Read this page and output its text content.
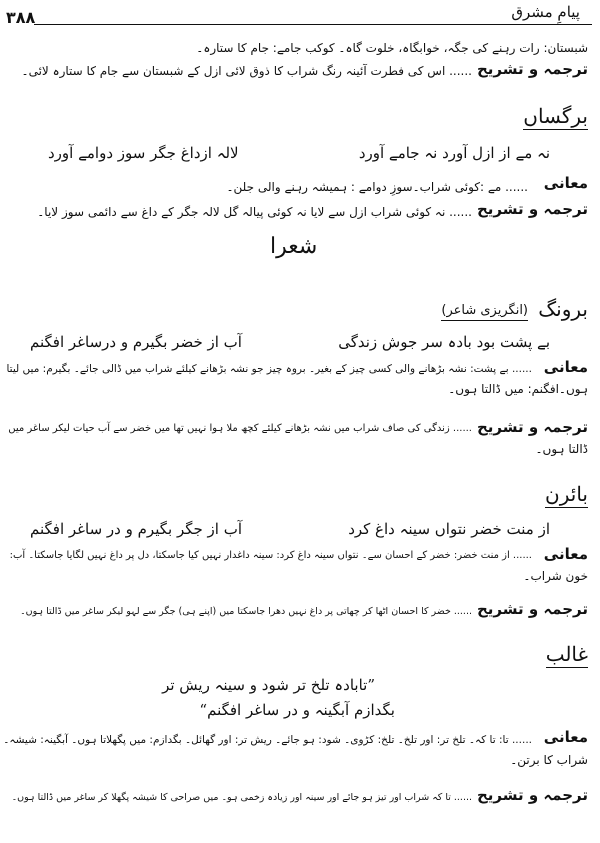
پیامِ مشرق
۳۸۸
شبستان: رات رہنے کی جگہ، خوابگاہ، خلوت گاہ۔ کوکب جامے: جام کا ستارہ۔
ترجمہ و تشریح
...... اس کی فطرت آئینہ رنگ شراب کا ذوق لائی ازل کے شبستان سے جام کا ستارہ لائی۔
برگساں
نہ مے از ازل آورد نہ جامے آورد
لالہ ازداغ جگر سوز دوامے آورد
معانی
...... مے :کوئی شراب۔سوزِ دوامے : ہمیشہ رہنے والی جلن۔
ترجمہ و تشریح
...... نہ کوئی شراب ازل سے لایا نہ کوئی پیالہ گل لالہ جگر کے داغ سے دائمی سوز لایا۔
شعرا
برونگ
(انگریزی شاعر)
بے پشت بود بادہ سر جوش زندگی
آب از خضر بگیرم و درساغر افگنم
معانی
...... بے پشت: نشہ بڑھانے والی کسی چیز کے بغیر۔ بروہ چیز جو نشہ بڑھانے کیلئے شراب میں ڈالی جائے۔ بگیرم: میں لیتا
ہوں۔افگنم: میں ڈالتا ہوں۔
ترجمہ و تشریح
...... زندگی کی صاف شراب میں نشہ بڑھانے کیلئے کچھ ملا ہوا نہیں تھا میں خضر سے آب حیات لیکر ساغر میں
ڈالتا ہوں۔
بائرن
از منت خضر نتواں سینہ داغ کرد
آب از جگر بگیرم و در ساغر افگنم
معانی
...... از منت خضر: خضر کے احسان سے۔ نتواں سینہ داغ کرد: سینہ داغدار نہیں کیا جاسکتا، دل پر داغ نہیں لگایا جاسکتا۔ آب:
خون شراب۔
ترجمہ و تشریح
...... خضر کا احسان اٹھا کر چھاتی پر داغ نہیں دھرا جاسکتا میں (اپنے ہی) جگر سے لہو لیکر ساغر میں ڈالتا ہوں۔
غالب
”تابادہ تلخ تر شود و سینہ ریش تر
بگدازم آبگینہ و در ساغر افگنم“
معانی
...... تا: تا کہ۔ تلخ تر: اور تلخ۔ تلخ: کڑوی۔ شود: ہو جائے۔ ریش تر: اور گھائل۔ بگدازم: میں پگھلاتا ہوں۔ آبگینہ: شیشہ۔
شراب کا برتن۔
ترجمہ و تشریح
...... تا کہ شراب اور تیز ہو جائے اور سینہ اور زیادہ زخمی ہو۔ میں صراحی کا شیشہ پگھلا کر ساغر میں ڈالتا ہوں۔
